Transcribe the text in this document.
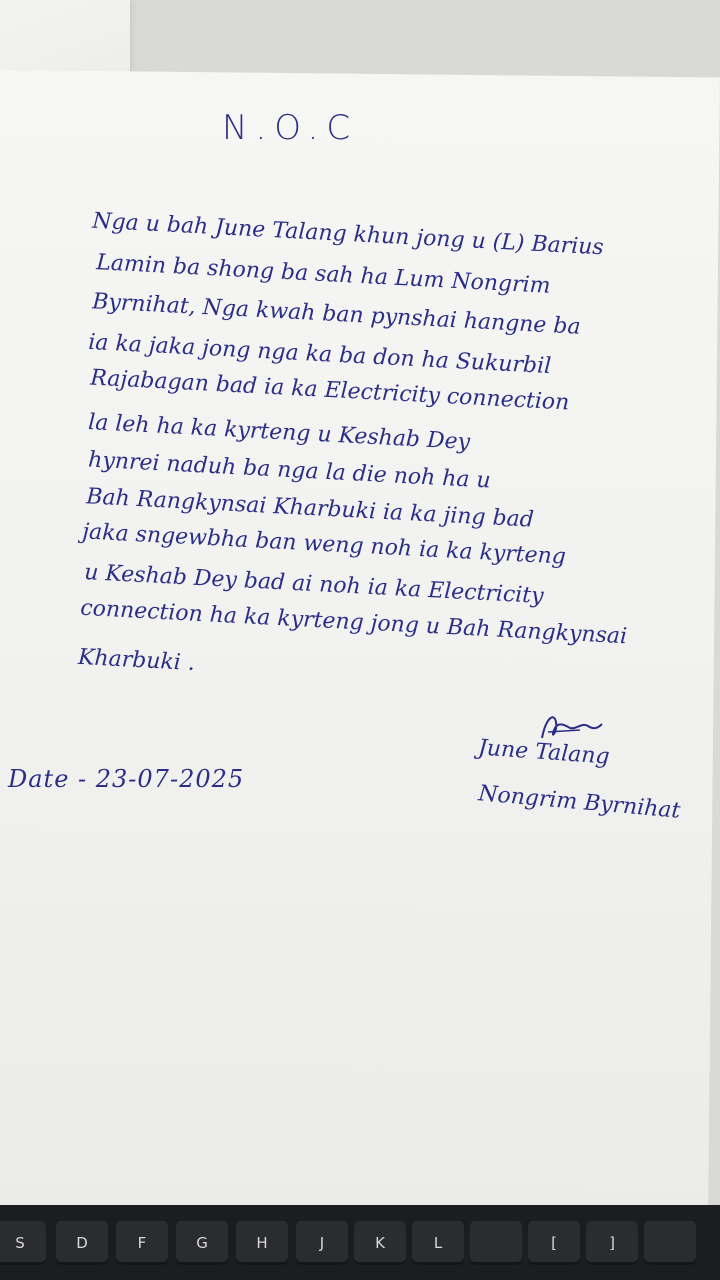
N.O.C
Nga u bah June Talang khun jong u (L) Barius
Lamin ba shong ba sah ha Lum Nongrim
Byrnihat, Nga kwah ban pynshai hangne ba
ia ka jaka jong nga ka ba don ha Sukurbil
Rajabagan bad ia ka Electricity connection
la leh ha ka kyrteng u Keshab Dey
hynrei naduh ba nga la die noh ha u
Bah Rangkynsai Kharbuki ia ka jing bad
jaka sngewbha ban weng noh ia ka kyrteng
u Keshab Dey bad ai noh ia ka Electricity
connection ha ka kyrteng jong u Bah Rangkynsai
Kharbuki .
June Talang
Nongrim Byrnihat
Date - 23-07-2025
S	D	F	G	H	J	K	L	[	]
